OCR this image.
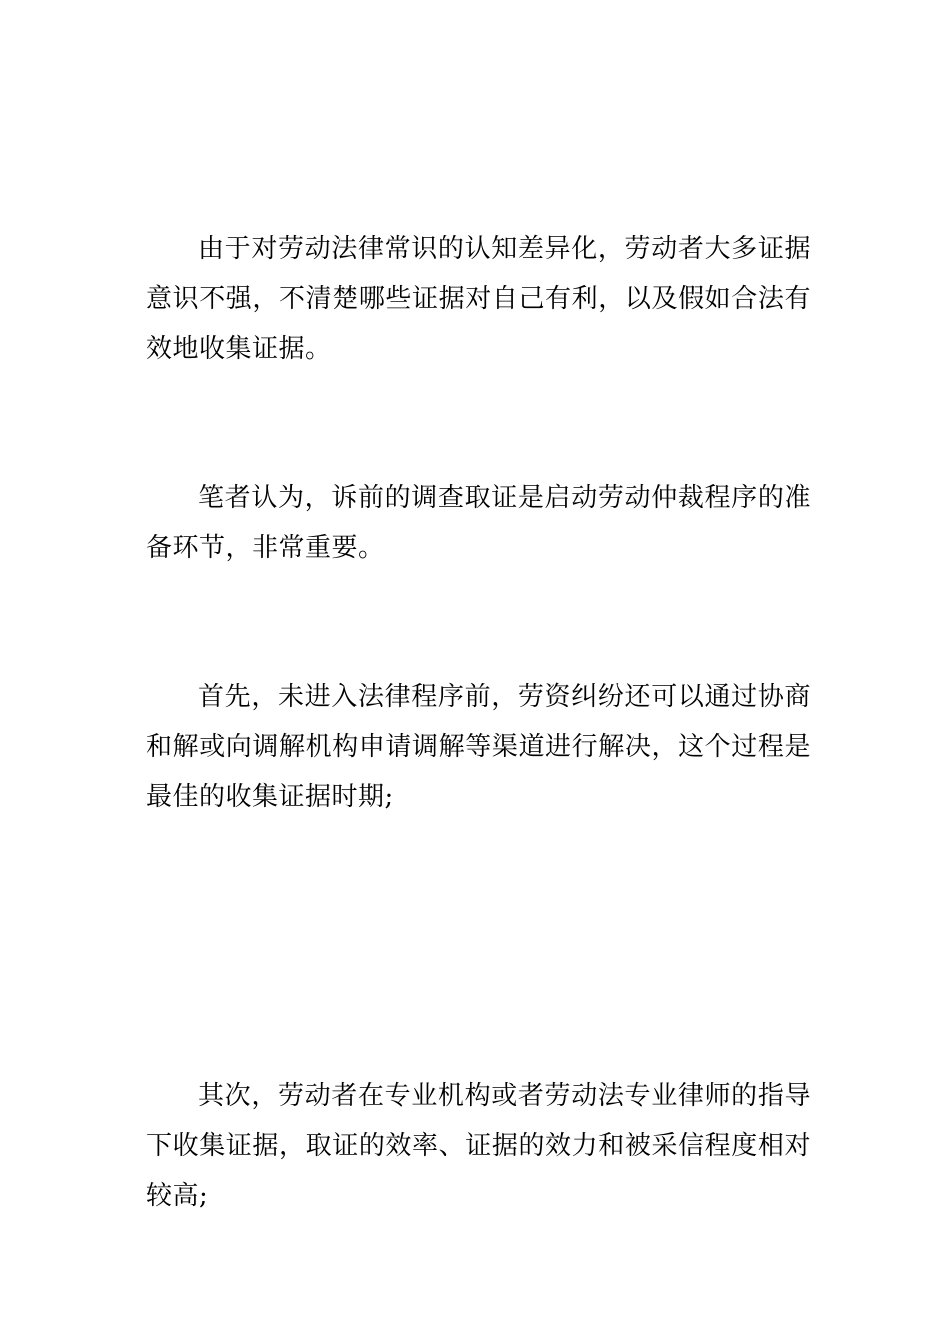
由于对劳动法律常识的认知差异化，劳动者大多证据意识不强，不清楚哪些证据对自己有利，以及假如合法有效地收集证据。

笔者认为，诉前的调查取证是启动劳动仲裁程序的准备环节，非常重要。

首先，未进入法律程序前，劳资纠纷还可以通过协商和解或向调解机构申请调解等渠道进行解决，这个过程是最佳的收集证据时期;

其次，劳动者在专业机构或者劳动法专业律师的指导下收集证据，取证的效率、证据的效力和被采信程度相对较高;
